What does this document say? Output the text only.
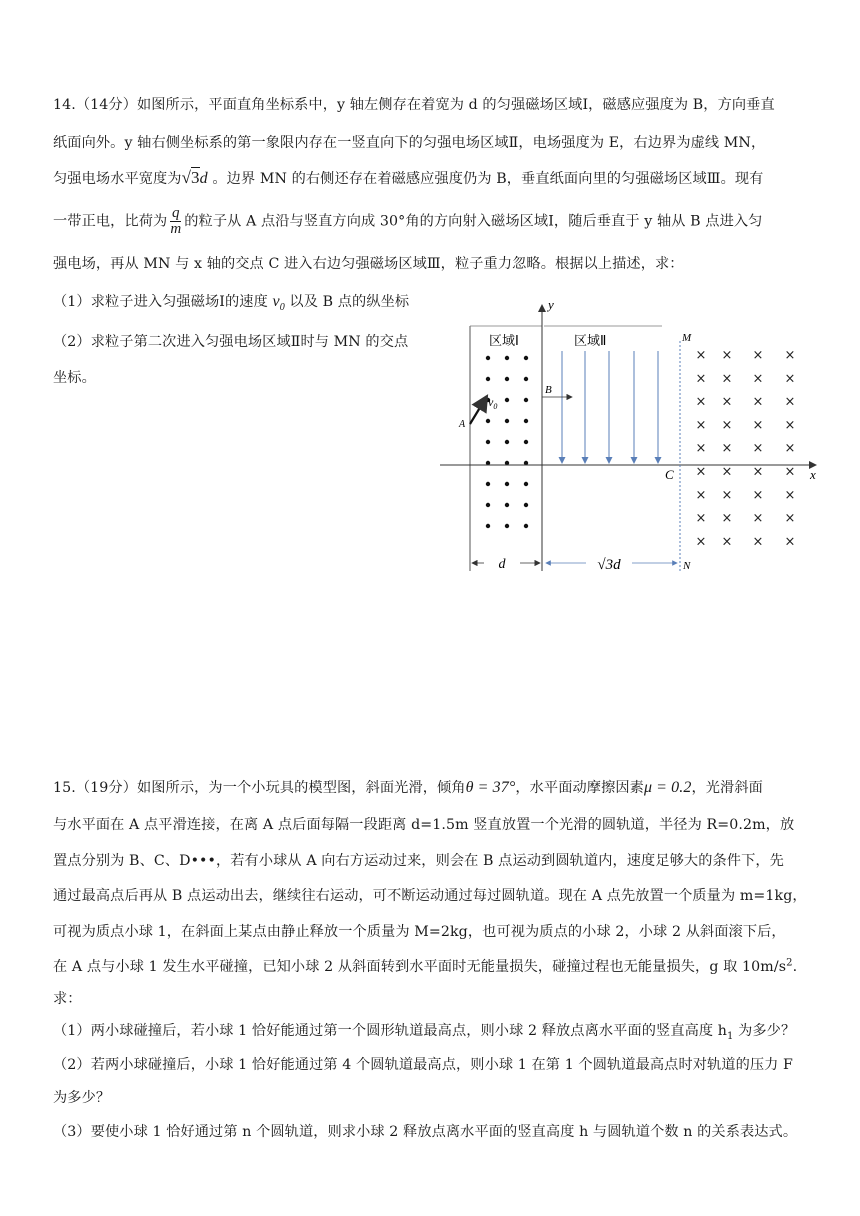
14.（14分）如图所示，平面直角坐标系中，y 轴左侧存在着宽为 d 的匀强磁场区域Ⅰ，磁感应强度为 B，方向垂直
纸面向外。y 轴右侧坐标系的第一象限内存在一竖直向下的匀强电场区域Ⅱ，电场强度为 E，右边界为虚线 MN，
匀强电场水平宽度为√3d 。边界 MN 的右侧还存在着磁感应强度仍为 B，垂直纸面向里的匀强磁场区域Ⅲ。现有
一带正电，比荷为 $\frac{q}{m}$ 的粒子从 A 点沿与竖直方向成 30°角的方向射入磁场区域Ⅰ，随后垂直于 y 轴从 B 点进入匀
强电场，再从 MN 与 x 轴的交点 C 进入右边匀强磁场区域Ⅲ，粒子重力忽略。根据以上描述，求：
（1）求粒子进入匀强磁场Ⅰ的速度 $v_0$ 以及 B 点的纵坐标
（2）求粒子第二次进入匀强电场区域Ⅱ时与 MN 的交点
坐标。
区域Ⅰ
y
x
区域Ⅱ	M
N
×
×
×
×
×
×
×
×
×
×
×
×
×
×
×
×
×
×
×
×
×
×
×
×
×
×
×
×
×
×
×
×
×
×
×
×
B
C
A
$v_0$
d	√3d
15.（19分）如图所示，为一个小玩具的模型图，斜面光滑，倾角θ = 37°，水平面动摩擦因素μ = 0.2，光滑斜面
与水平面在 A 点平滑连接，在离 A 点后面每隔一段距离 d=1.5m 竖直放置一个光滑的圆轨道，半径为 R=0.2m，放
置点分别为 B、C、D•••，若有小球从 A 向右方运动过来，则会在 B 点运动到圆轨道内，速度足够大的条件下，先
通过最高点后再从 B 点运动出去，继续往右运动，可不断运动通过每过圆轨道。现在 A 点先放置一个质量为 m=1kg，
可视为质点小球 1，在斜面上某点由静止释放一个质量为 M=2kg，也可视为质点的小球 2，小球 2 从斜面滚下后，
在 A 点与小球 1 发生水平碰撞，已知小球 2 从斜面转到水平面时无能量损失，碰撞过程也无能量损失，g 取 $10m/s^2$.
求：
（1）两小球碰撞后，若小球 1 恰好能通过第一个圆形轨道最高点，则小球 2 释放点离水平面的竖直高度 $h_1$ 为多少？
（2）若两小球碰撞后，小球 1 恰好能通过第 4 个圆轨道最高点，则小球 1 在第 1 个圆轨道最高点时对轨道的压力 F
为多少？
（3）要使小球 1 恰好通过第 n 个圆轨道，则求小球 2 释放点离水平面的竖直高度 h 与圆轨道个数 n 的关系表达式。
